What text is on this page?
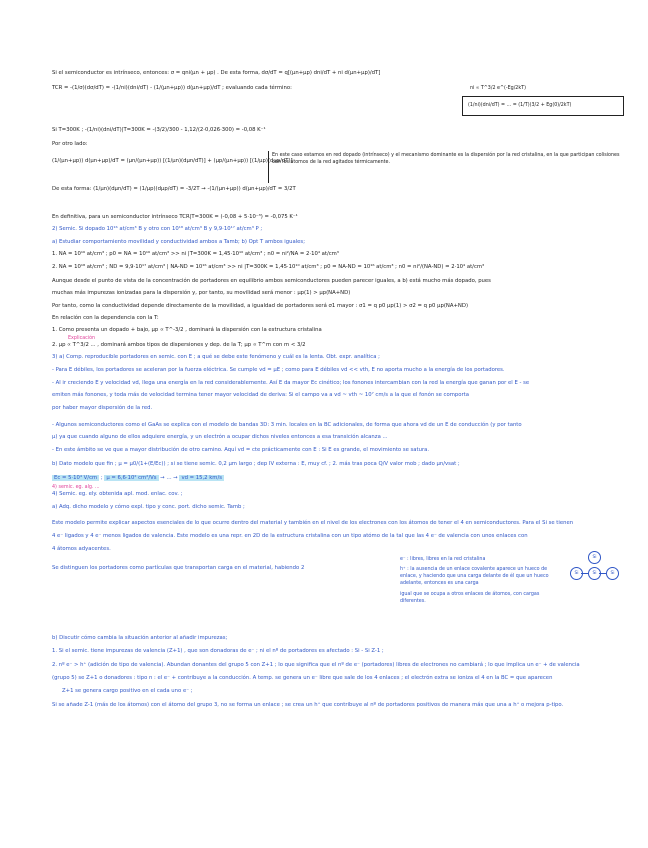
Si el semiconductor es intrínseco, entonces: σ = qni(μn + μp) . De esta forma, dσ/dT = q[(μn+μp) dni/dT + ni d(μn+μp)/dT]
TCR = -(1/σ)(dσ/dT) = -(1/ni)(dni/dT) - (1/(μn+μp)) d(μn+μp)/dT ; evaluando cada término:	ni ∝ T^3/2 e^(-Eg/2kT)
(1/ni)(dni/dT) = ... = (1/T)(3/2 + Eg(0)/2kT)
Si T=300K ; -(1/ni)(dni/dT)|T=300K = -(3/2)/300 - 1,12/(2·0,026·300) = -0,08 K⁻¹
Por otro lado:
(1/(μn+μp)) d(μn+μp)/dT = (μn/(μn+μp)) [(1/μn)(dμn/dT)] + (μp/(μn+μp)) [(1/μp)(dμp/dT)]
En este caso estamos en red dopado (intrínseco) y el mecanismo dominante es la dispersión por la red cristalina, en la que participan colisiones con los átomos de la red agitados térmicamente.
De esta forma: (1/μn)(dμn/dT) = (1/μp)(dμp/dT) = -3/2T → -(1/(μn+μp)) d(μn+μp)/dT = 3/2T
En definitiva, para un semiconductor intrínseco TCR|T=300K = (-0,08 + 5·10⁻³) = -0,075 K⁻¹
2) Semic. Si dopado 10¹⁶ at/cm³ B y otro con 10¹⁸ at/cm³ B y 9,9·10¹⁷ at/cm³ P ;
a) Estudiar comportamiento movilidad y conductividad ambos a Tamb; b) Opt T ambos iguales;
1. NA = 10¹⁶ at/cm³ ; p0 = NA = 10¹⁶ at/cm³ >> ni |T=300K = 1,45·10¹⁰ at/cm³ ; n0 = ni²/NA = 2·10⁴ at/cm³
2. NA = 10¹⁸ at/cm³ ; ND = 9,9·10¹⁷ at/cm³ | NA-ND = 10¹⁶ at/cm³ >> ni |T=300K = 1,45·10¹⁰ at/cm³ ; p0 = NA-ND = 10¹⁶ at/cm³ ; n0 = ni²/(NA-ND) = 2·10⁴ at/cm³
Aunque desde el punto de vista de la concentración de portadores en equilibrio ambos semiconductores pueden parecer iguales, a b) está mucho más dopado, pues
muchas más impurezas ionizadas para la dispersión y, por tanto, su movilidad será menor : μp(1) > μp(NA+ND)
Por tanto, como la conductividad depende directamente de la movilidad, a igualdad de portadores será σ1 mayor : σ1 = q p0 μp(1) > σ2 = q p0 μp(NA+ND)
En relación con la dependencia con la T:
1. Como presenta un dopado + bajo, μp ∝ T^-3/2 , dominará la dispersión con la estructura cristalina
Explicación
2. μp ∝ T^3/2 ... , dominará ambos tipos de dispersiones y dep. de la T; μp ∝ T^m con m < 3/2
3) a) Comp. reproducible portadores en semic. con E ; a qué se debe este fenómeno y cuál es la lenta. Obt. expr. analítica ;
- Para E débiles, los portadores se aceleran por la fuerza eléctrica. Se cumple vd = μE ; como para E débiles vd << vth, E no aporta mucho a la energía de los portadores.
- Al ir creciendo E y velocidad vd, llega una energía en la red considerablemente. Así E da mayor Ec cinético; los fonones intercambian con la red la energía que ganan por el E - se
emiten más fonones, y toda más de velocidad termina tener mayor velocidad de deriva: Si el campo va a vd ~ vth ~ 10⁷ cm/s a la que el fonón se comporta
por haber mayor dispersión de la red.
- Algunos semiconductores como el GaAs se explica con el modelo de bandas 3D: 3 min. locales en la BC adicionales, de forma que ahora vd de un E de conducción (y por tanto
μ) ya que cuando alguno de ellos adquiere energía, y un electrón a ocupar dichos niveles entonces a esa transición alcanza ...
- En este ámbito se ve que a mayor distribución de otro camino. Aquí vd = cte prácticamente con E : Si E es grande, el movimiento se satura.
b) Dato modelo que fin ; μ = μ0/(1+(E/Ec)) ; si se tiene semic. 0,2 μm largo ; dep IV externa : E, muy cf. ; 2. más tras poca Q/V valor mob ; dado μn/vsat ;
Ec = 5·10⁴ V/cm ; μ = 6,6·10² cm²/Vs → … → vd = 15,2 km/s
4) semic. eg. alg. ...
4) Semic. eg. ely. obtenida apl. mod. enlac. cov. ;
a) Adq. dicho modelo y cómo expl. tipo y conc. port. dicho semic. Tamb ;
Este modelo permite explicar aspectos esenciales de lo que ocurre dentro del material y también en el nivel de los electrones con los átomos de tener el 4 en semiconductores. Para el Si se tienen
4 e⁻ ligados y 4 e⁻ menos ligados de valencia. Este modelo es una repr. en 2D de la estructura cristalina con un tipo atómo de la tal que las 4 e⁻ de valencia con unos enlaces con
4 átomos adyacentes.
Se distinguen los portadores como partículas que transportan carga en el material, habiendo 2
e⁻ : libres, libres en la red cristalina
h⁺ : la ausencia de un enlace covalente aparece un hueco de enlace, y haciendo que una carga delante de él que un hueco adelante, entonces es una carga
igual que se ocupa a otros enlaces de átomos, con cargas diferentes.
Si	Si	Si
Si
b) Discutir cómo cambia la situación anterior al añadir impurezas;
1. Si el semic. tiene impurezas de valencia (Z+1) , que son donadoras de e⁻ ; ni el nº de portadores es afectado : Si - Si Z-1 ;
2. nº e⁻ > h⁺ (adición de tipo de valencia). Abundan donantes del grupo 5 con Z+1 ; lo que significa que el nº de e⁻ (portadores) libres de electrones no cambiará ; lo que implica un e⁻ + de valencia
(grupo 5) se Z+1 o donadores : tipo n : el e⁻ + contribuye a la conducción. A temp. se genera un e⁻ libre que sale de los 4 enlaces ; el electrón extra se ioniza el 4 en la BC = que aparecen
Z+1 se genera cargo positivo en el cada uno e⁻ ;
Si se añade Z-1 (más de los átomos) con el átomo del grupo 3, no se forma un enlace ; se crea un h⁺ que contribuye al nº de portadores positivos de manera más que una a h⁺ o mejora p-tipo.
